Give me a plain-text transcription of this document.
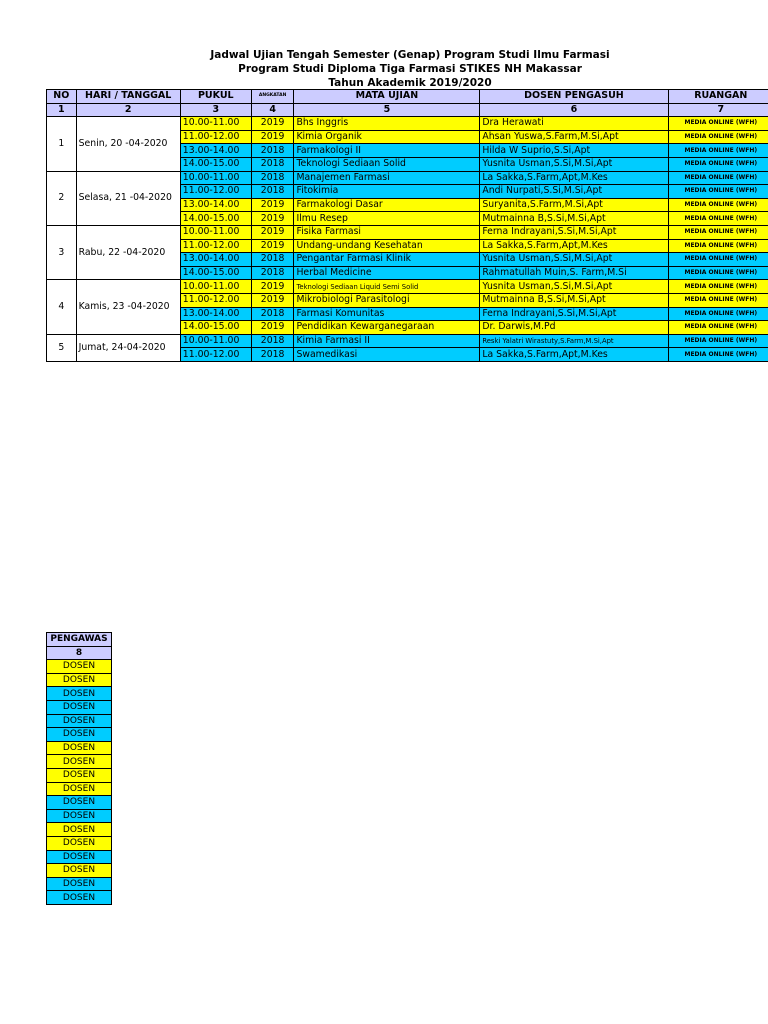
Jadwal Ujian Tengah Semester (Genap) Program Studi Ilmu Farmasi
Program Studi Diploma Tiga Farmasi STIKES NH Makassar
Tahun Akademik 2019/2020
NO	HARI / TANGGAL	PUKUL	ANGKATAN	MATA UJIAN	DOSEN PENGASUH	RUANGAN
1	2	3	4	5	6	7
1	Senin, 20 -04-2020	10.00-11.00	2019	Bhs Inggris	Dra Herawati	MEDIA ONLINE (WFH)
		11.00-12.00	2019	Kimia Organik	Ahsan Yuswa,S.Farm,M.Si,Apt	MEDIA ONLINE (WFH)
		13.00-14.00	2018	Farmakologi II	Hilda W Suprio,S.Si,Apt	MEDIA ONLINE (WFH)
		14.00-15.00	2018	Teknologi Sediaan Solid	Yusnita Usman,S.Si,M.Si,Apt	MEDIA ONLINE (WFH)
2	Selasa, 21 -04-2020	10.00-11.00	2018	Manajemen Farmasi	La Sakka,S.Farm,Apt,M.Kes	MEDIA ONLINE (WFH)
		11.00-12.00	2018	Fitokimia	Andi Nurpati,S.Si,M.Si,Apt	MEDIA ONLINE (WFH)
		13.00-14.00	2019	Farmakologi Dasar	Suryanita,S.Farm,M.Si,Apt	MEDIA ONLINE (WFH)
		14.00-15.00	2019	Ilmu Resep	Mutmainna B,S.Si,M.Si,Apt	MEDIA ONLINE (WFH)
3	Rabu, 22 -04-2020	10.00-11.00	2019	Fisika Farmasi	Ferna Indrayani,S.Si,M.Si,Apt	MEDIA ONLINE (WFH)
		11.00-12.00	2019	Undang-undang Kesehatan	La Sakka,S.Farm,Apt,M.Kes	MEDIA ONLINE (WFH)
		13.00-14.00	2018	Pengantar Farmasi Klinik	Yusnita Usman,S.Si,M.Si,Apt	MEDIA ONLINE (WFH)
		14.00-15.00	2018	Herbal Medicine	Rahmatullah Muin,S. Farm,M.Si	MEDIA ONLINE (WFH)
4	Kamis, 23 -04-2020	10.00-11.00	2019	Teknologi Sediaan Liquid Semi Solid	Yusnita Usman,S.Si,M.Si,Apt	MEDIA ONLINE (WFH)
		11.00-12.00	2019	Mikrobiologi Parasitologi	Mutmainna B,S.Si,M.Si,Apt	MEDIA ONLINE (WFH)
		13.00-14.00	2018	Farmasi Komunitas	Ferna Indrayani,S.Si,M.Si,Apt	MEDIA ONLINE (WFH)
		14.00-15.00	2019	Pendidikan Kewarganegaraan	Dr. Darwis,M.Pd	MEDIA ONLINE (WFH)
5	Jumat, 24-04-2020	10.00-11.00	2018	Kimia Farmasi II	Reski Yalatri Wirastuty,S.Farm,M.Si,Apt	MEDIA ONLINE (WFH)
		11.00-12.00	2018	Swamedikasi	La Sakka,S.Farm,Apt,M.Kes	MEDIA ONLINE (WFH)
PENGAWAS
8
DOSEN
DOSEN
DOSEN
DOSEN
DOSEN
DOSEN
DOSEN
DOSEN
DOSEN
DOSEN
DOSEN
DOSEN
DOSEN
DOSEN
DOSEN
DOSEN
DOSEN
DOSEN
